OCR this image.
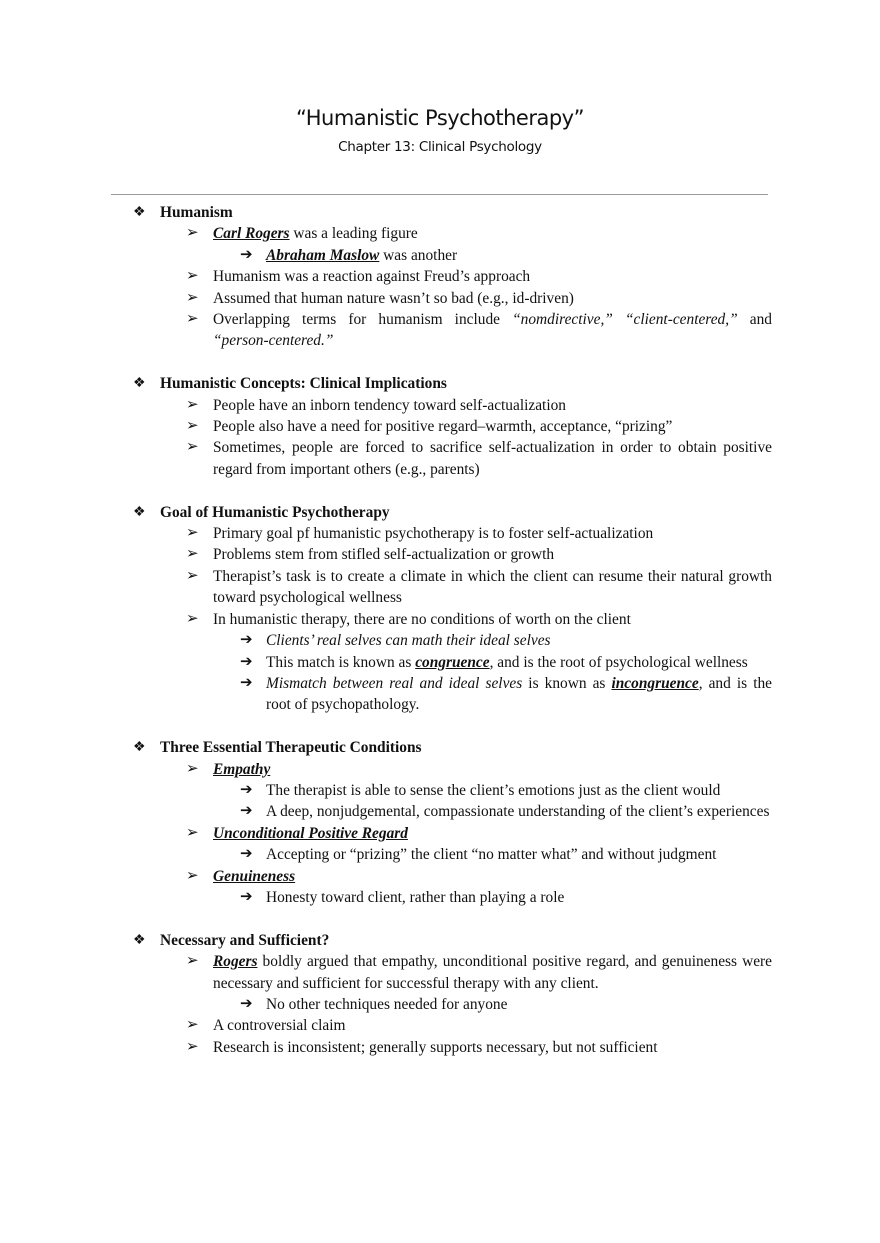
“Humanistic Psychotherapy”
Chapter 13: Clinical Psychology
❖ Humanism
➢ Carl Rogers was a leading figure
➔ Abraham Maslow was another
➢ Humanism was a reaction against Freud’s approach
➢ Assumed that human nature wasn’t so bad (e.g., id-driven)
➢ Overlapping terms for humanism include “nomdirective,” “client-centered,” and “person-centered.”
❖ Humanistic Concepts: Clinical Implications
➢ People have an inborn tendency toward self-actualization
➢ People also have a need for positive regard–warmth, acceptance, “prizing”
➢ Sometimes, people are forced to sacrifice self-actualization in order to obtain positive regard from important others (e.g., parents)
❖ Goal of Humanistic Psychotherapy
➢ Primary goal pf humanistic psychotherapy is to foster self-actualization
➢ Problems stem from stifled self-actualization or growth
➢ Therapist’s task is to create a climate in which the client can resume their natural growth toward psychological wellness
➢ In humanistic therapy, there are no conditions of worth on the client
➔ Clients’ real selves can math their ideal selves
➔ This match is known as congruence, and is the root of psychological wellness
➔ Mismatch between real and ideal selves is known as incongruence, and is the root of psychopathology.
❖ Three Essential Therapeutic Conditions
➢ Empathy
➔ The therapist is able to sense the client’s emotions just as the client would
➔ A deep, nonjudgemental, compassionate understanding of the client’s experiences
➢ Unconditional Positive Regard
➔ Accepting or “prizing” the client “no matter what” and without judgment
➢ Genuineness
➔ Honesty toward client, rather than playing a role
❖ Necessary and Sufficient?
➢ Rogers boldly argued that empathy, unconditional positive regard, and genuineness were necessary and sufficient for successful therapy with any client.
➔ No other techniques needed for anyone
➢ A controversial claim
➢ Research is inconsistent; generally supports necessary, but not sufficient
